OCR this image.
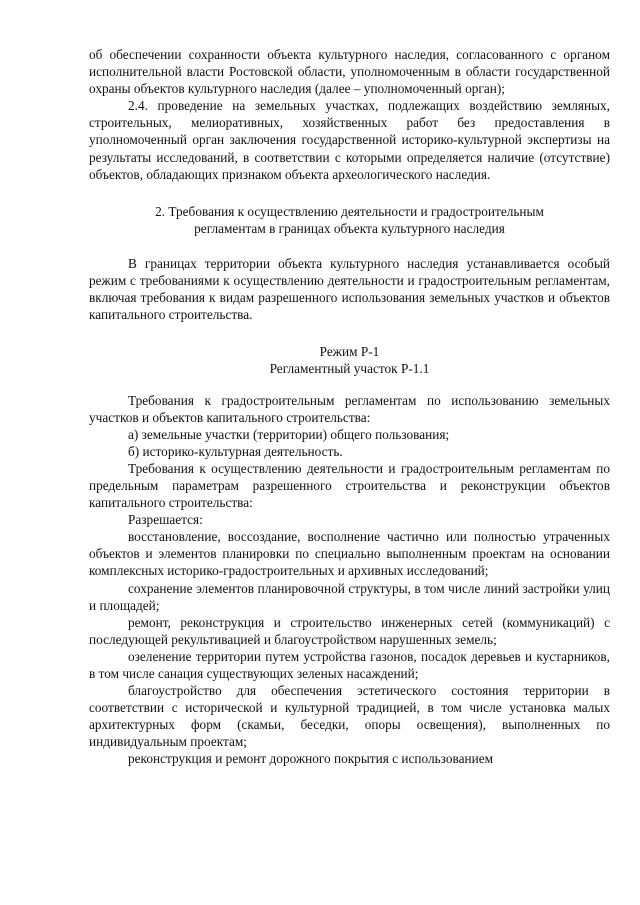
об обеспечении сохранности объекта культурного наследия, согласованного с органом исполнительной власти Ростовской области, уполномоченным в области государственной охраны объектов культурного наследия (далее – уполномоченный орган);

2.4. проведение на земельных участках, подлежащих воздействию земляных, строительных, мелиоративных, хозяйственных работ без предоставления в уполномоченный орган заключения государственной историко-культурной экспертизы на результаты исследований, в соответствии с которыми определяется наличие (отсутствие) объектов, обладающих признаком объекта археологического наследия.

2. Требования к осуществлению деятельности и градостроительным регламентам в границах объекта культурного наследия

В границах территории объекта культурного наследия устанавливается особый режим с требованиями к осуществлению деятельности и градостроительным регламентам, включая требования к видам разрешенного использования земельных участков и объектов капитального строительства.

Режим Р-1

Регламентный участок Р-1.1

Требования к градостроительным регламентам по использованию земельных участков и объектов капитального строительства:

а) земельные участки (территории) общего пользования;

б) историко-культурная деятельность.

Требования к осуществлению деятельности и градостроительным регламентам по предельным параметрам разрешенного строительства и реконструкции объектов капитального строительства:

Разрешается:

восстановление, воссоздание, восполнение частично или полностью утраченных объектов и элементов планировки по специально выполненным проектам на основании комплексных историко-градостроительных и архивных исследований;

сохранение элементов планировочной структуры, в том числе линий застройки улиц и площадей;

ремонт, реконструкция и строительство инженерных сетей (коммуникаций) с последующей рекультивацией и благоустройством нарушенных земель;

озеленение территории путем устройства газонов, посадок деревьев и кустарников, в том числе санация существующих зеленых насаждений;

благоустройство для обеспечения эстетического состояния территории в соответствии с исторической и культурной традицией, в том числе установка малых архитектурных форм (скамьи, беседки, опоры освещения), выполненных по индивидуальным проектам;

реконструкция и ремонт дорожного покрытия с использованием
